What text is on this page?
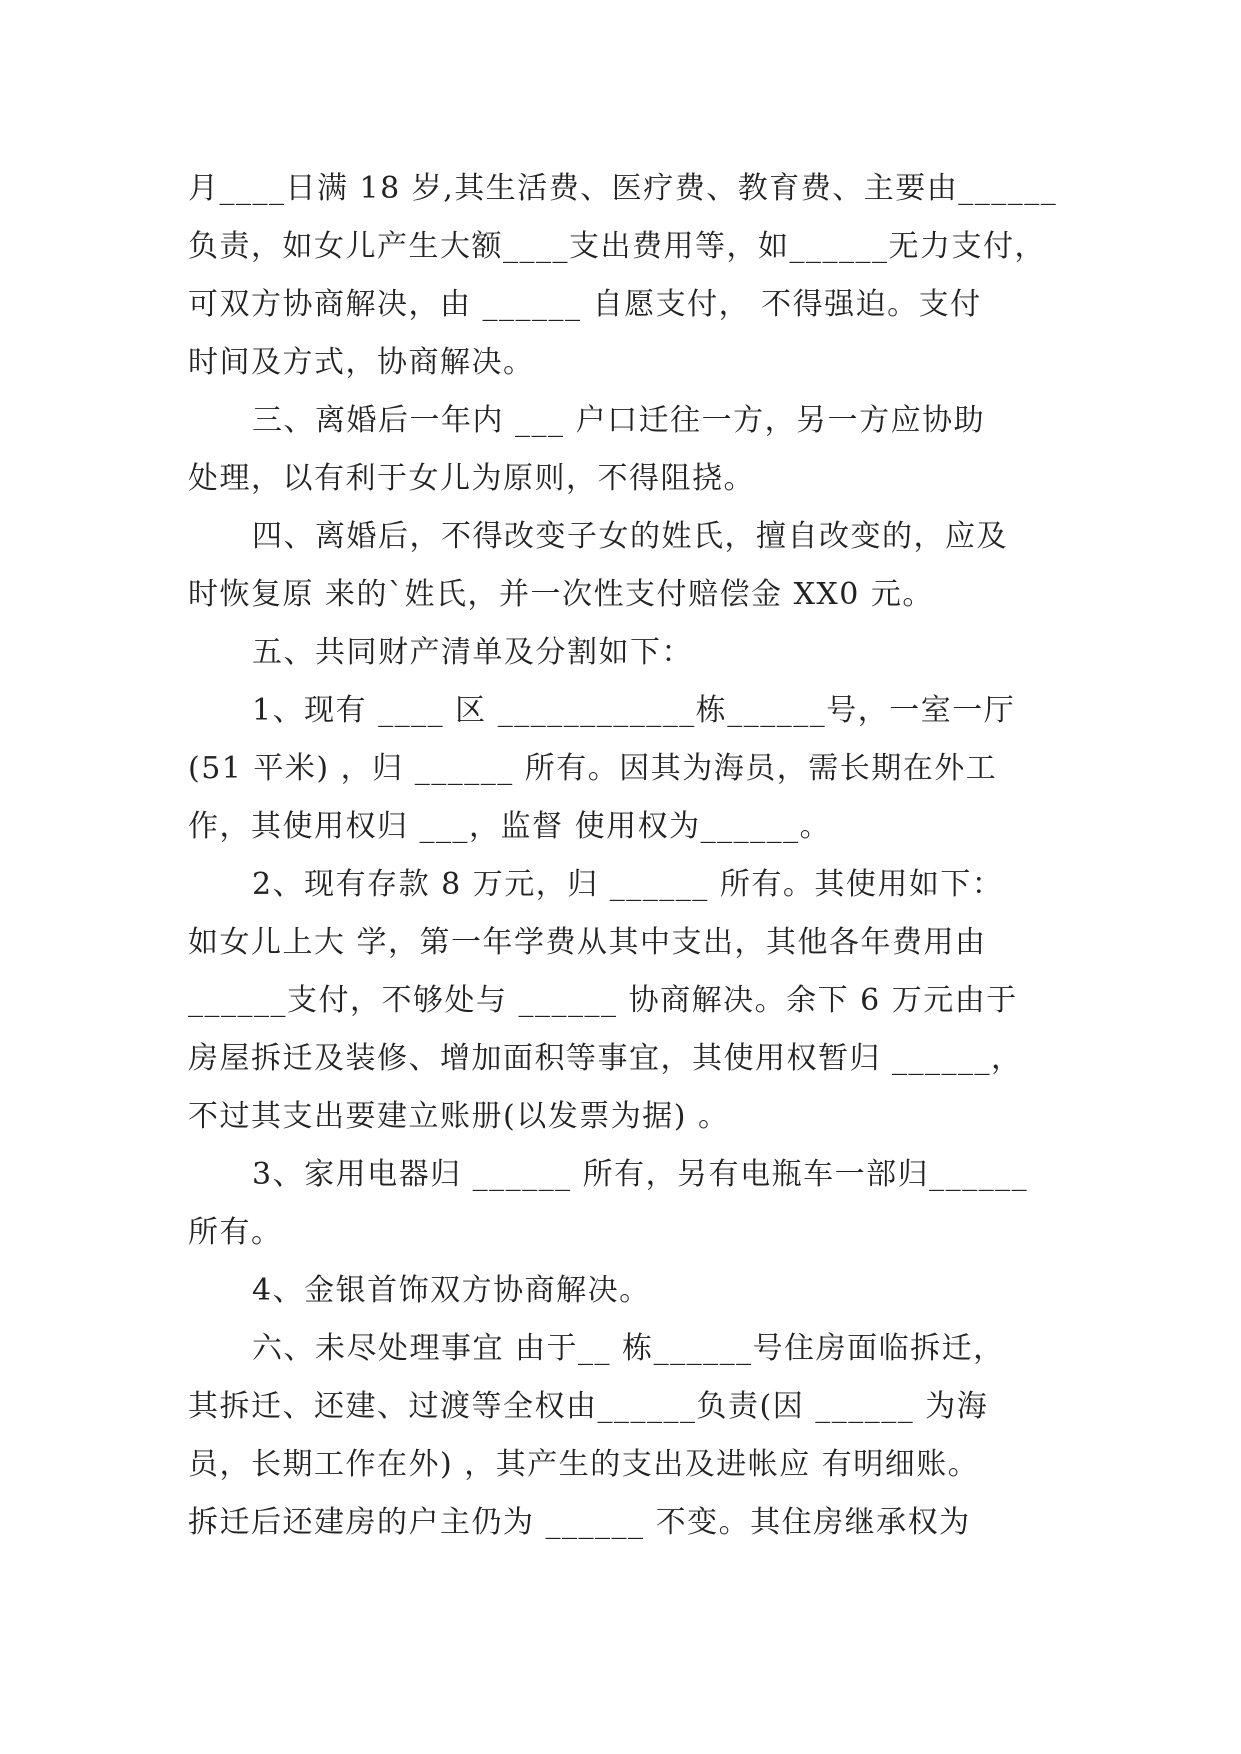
月____日满 18 岁,其生活费、医疗费、教育费、主要由______
负责，如女儿产生大额____支出费用等，如______无力支付，
可双方协商解决，由 ______ 自愿支付， 不得强迫。支付
时间及方式，协商解决。
三、离婚后一年内 ___ 户口迁往一方，另一方应协助
处理，以有利于女儿为原则，不得阻挠。
四、离婚后，不得改变子女的姓氏，擅自改变的，应及
时恢复原 来的`姓氏，并一次性支付赔偿金 XX0 元。
五、共同财产清单及分割如下：
1、现有 ____ 区 ____________栋______号，一室一厅
(51 平米) ，归 ______ 所有。因其为海员，需长期在外工
作，其使用权归 ___，监督 使用权为______。
2、现有存款 8 万元，归 ______ 所有。其使用如下：
如女儿上大 学，第一年学费从其中支出，其他各年费用由
______支付，不够处与 ______ 协商解决。余下 6 万元由于
房屋拆迁及装修、增加面积等事宜，其使用权暂归 ______，
不过其支出要建立账册(以发票为据) 。
3、家用电器归 ______ 所有，另有电瓶车一部归______
所有。
4、金银首饰双方协商解决。
六、未尽处理事宜 由于__ 栋______号住房面临拆迁，
其拆迁、还建、过渡等全权由______负责(因 ______ 为海
员，长期工作在外) ，其产生的支出及进帐应 有明细账。
拆迁后还建房的户主仍为 ______ 不变。其住房继承权为
